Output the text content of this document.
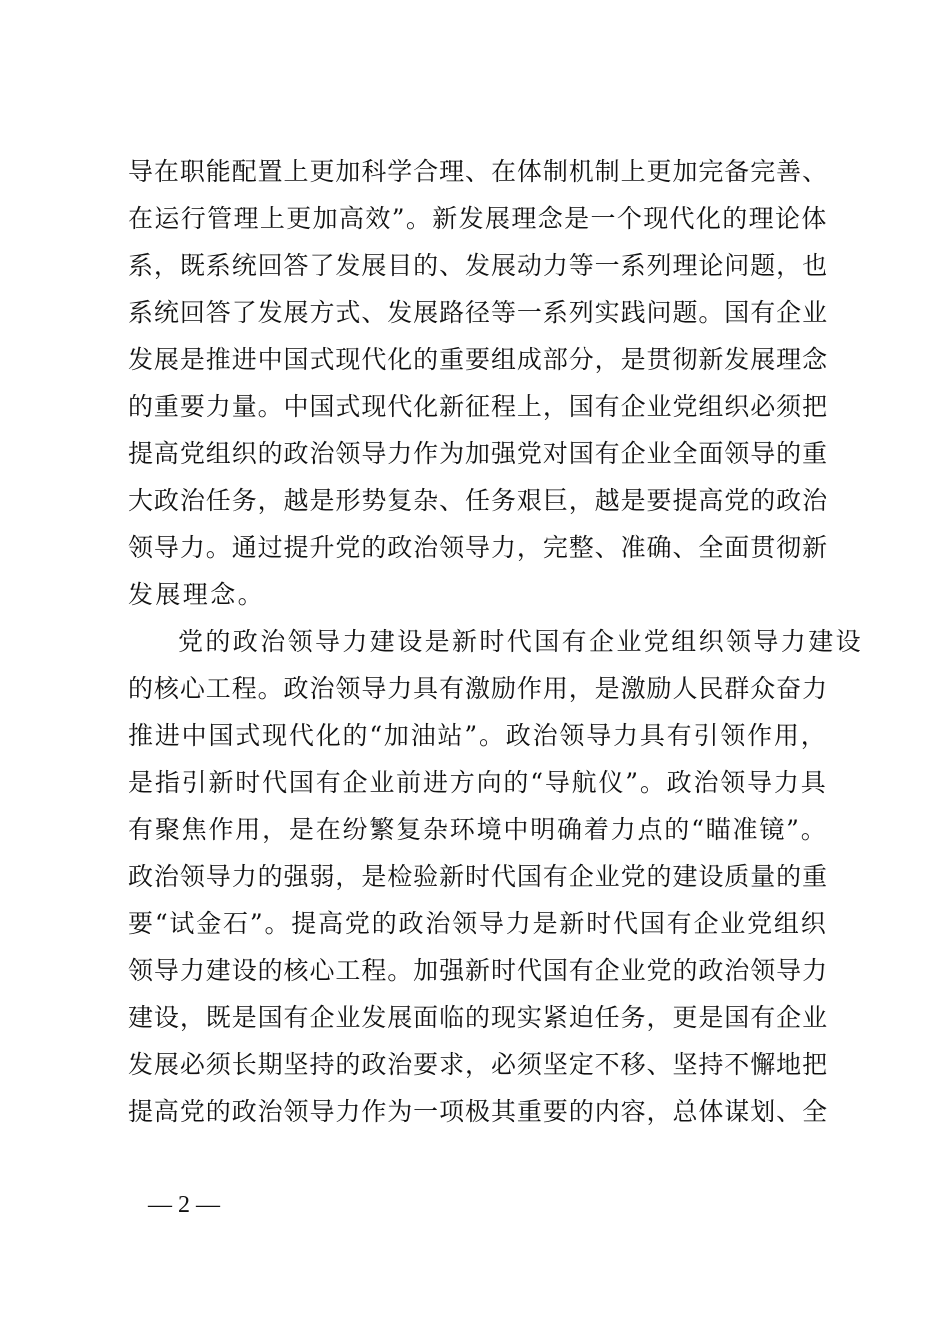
导在职能配置上更加科学合理、在体制机制上更加完备完善、
在运行管理上更加高效”。新发展理念是一个现代化的理论体
系，既系统回答了发展目的、发展动力等一系列理论问题，也
系统回答了发展方式、发展路径等一系列实践问题。国有企业
发展是推进中国式现代化的重要组成部分，是贯彻新发展理念
的重要力量。中国式现代化新征程上，国有企业党组织必须把
提高党组织的政治领导力作为加强党对国有企业全面领导的重
大政治任务，越是形势复杂、任务艰巨，越是要提高党的政治
领导力。通过提升党的政治领导力，完整、准确、全面贯彻新
发展理念。
党的政治领导力建设是新时代国有企业党组织领导力建设
的核心工程。政治领导力具有激励作用，是激励人民群众奋力
推进中国式现代化的“加油站”。政治领导力具有引领作用，
是指引新时代国有企业前进方向的“导航仪”。政治领导力具
有聚焦作用，是在纷繁复杂环境中明确着力点的“瞄准镜”。
政治领导力的强弱，是检验新时代国有企业党的建设质量的重
要“试金石”。提高党的政治领导力是新时代国有企业党组织
领导力建设的核心工程。加强新时代国有企业党的政治领导力
建设，既是国有企业发展面临的现实紧迫任务，更是国有企业
发展必须长期坚持的政治要求，必须坚定不移、坚持不懈地把
提高党的政治领导力作为一项极其重要的内容，总体谋划、全
— 2 —
